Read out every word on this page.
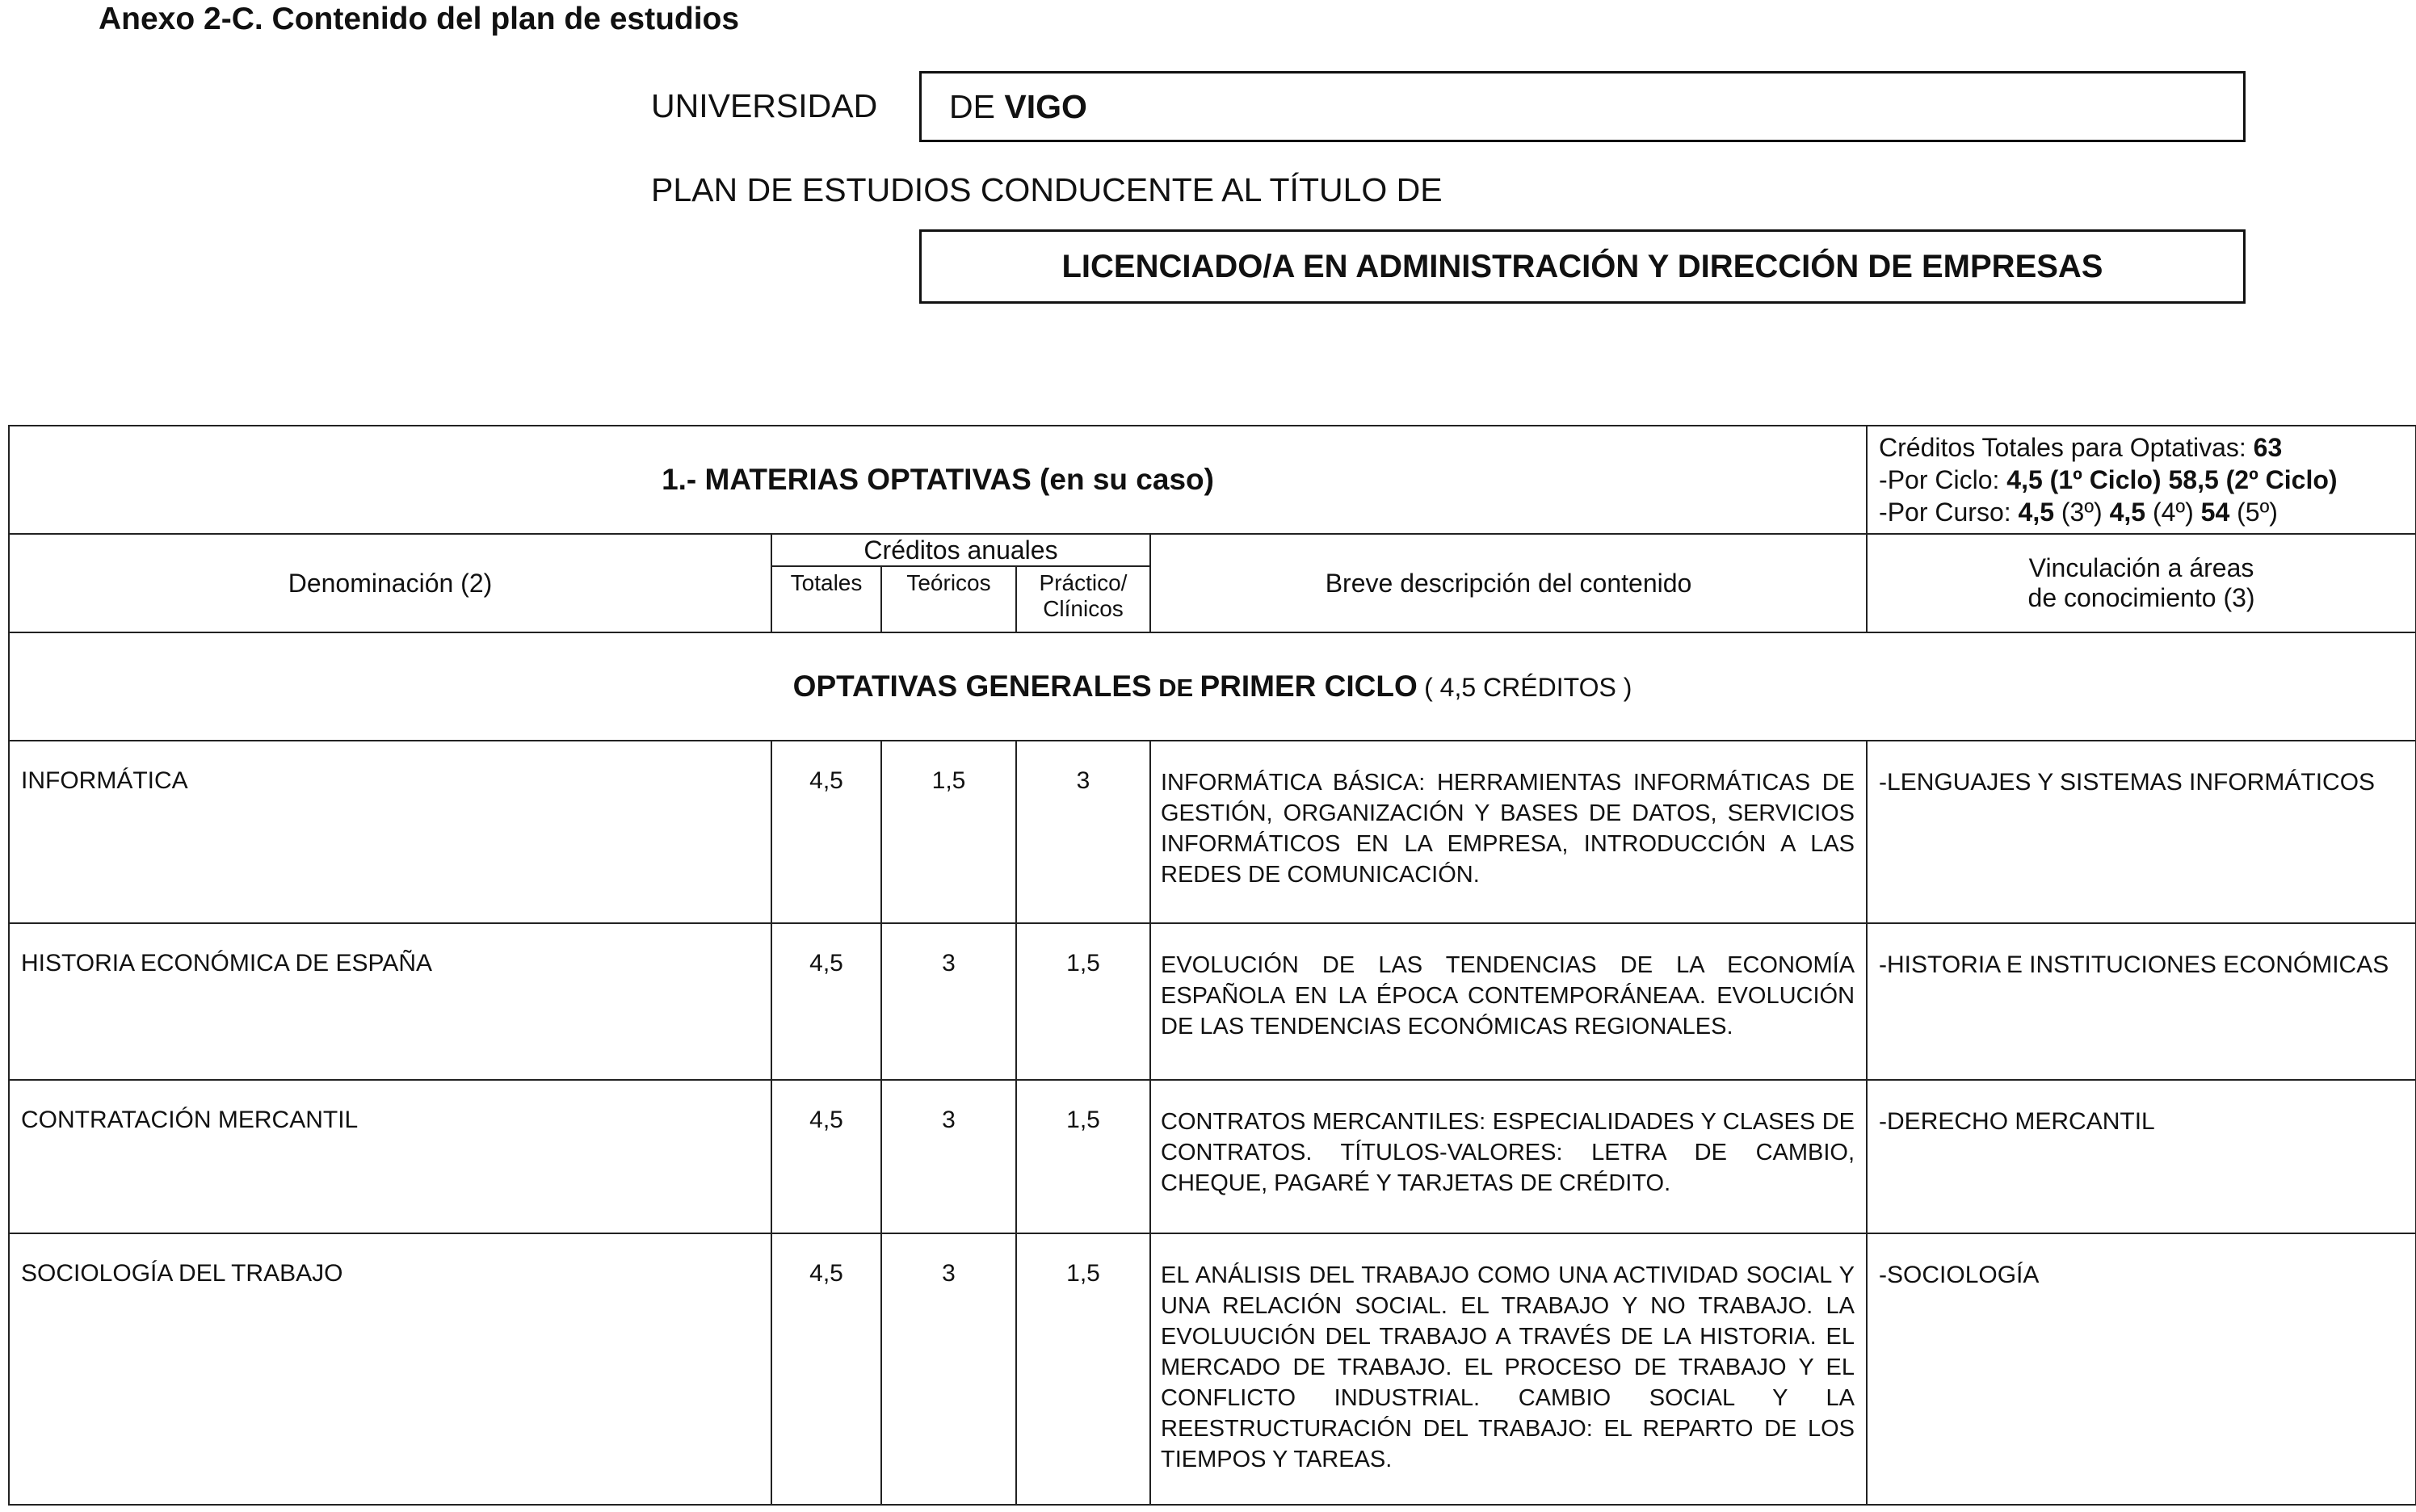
Anexo 2-C. Contenido del plan de estudios
UNIVERSIDAD	DE VIGO
PLAN DE ESTUDIOS CONDUCENTE AL TÍTULO DE
LICENCIADO/A EN ADMINISTRACIÓN Y DIRECCIÓN DE EMPRESAS
1.- MATERIAS OPTATIVAS (en su caso)					Créditos Totales para Optativas: 63
-Por Ciclo: 4,5 (1º Ciclo) 58,5 (2º Ciclo)
-Por Curso: 4,5 (3º) 4,5 (4º) 54 (5º)

Denominación (2)	Créditos anuales			Breve descripción del contenido	Vinculación a áreas
de conocimiento (3)

	Totales	Teóricos	Práctico/
Clínicos		

OPTATIVAS GENERALES DE PRIMER CICLO ( 4,5 CRÉDITOS )					
INFORMÁTICA	4,5	1,5	3	INFORMÁTICA BÁSICA: HERRAMIENTAS INFORMÁTICAS DE GESTIÓN, ORGANIZACIÓN Y BASES DE DATOS, SERVICIOS INFORMÁTICOS EN LA EMPRESA, INTRODUCCIÓN A LAS REDES DE COMUNICACIÓN.	-LENGUAJES Y SISTEMAS INFORMÁTICOS
HISTORIA ECONÓMICA DE ESPAÑA	4,5	3	1,5	EVOLUCIÓN DE LAS TENDENCIAS DE LA ECONOMÍA ESPAÑOLA EN LA ÉPOCA CONTEMPORÁNEAA. EVOLUCIÓN DE LAS TENDENCIAS ECONÓMICAS REGIONALES.	-HISTORIA E INSTITUCIONES ECONÓMICAS
CONTRATACIÓN MERCANTIL	4,5	3	1,5	CONTRATOS MERCANTILES: ESPECIALIDADES Y CLASES DE CONTRATOS. TÍTULOS-VALORES: LETRA DE CAMBIO, CHEQUE, PAGARÉ Y TARJETAS DE CRÉDITO.	-DERECHO MERCANTIL
SOCIOLOGÍA DEL TRABAJO	4,5	3	1,5	EL ANÁLISIS DEL TRABAJO COMO UNA ACTIVIDAD SOCIAL Y UNA RELACIÓN SOCIAL. EL TRABAJO Y NO TRABAJO. LA EVOLUUCIÓN DEL TRABAJO A TRAVÉS DE LA HISTORIA. EL MERCADO DE TRABAJO. EL PROCESO DE TRABAJO Y EL CONFLICTO INDUSTRIAL. CAMBIO SOCIAL Y LA REESTRUCTURACIÓN DEL TRABAJO: EL REPARTO DE LOS TIEMPOS Y TAREAS.	-SOCIOLOGÍA
